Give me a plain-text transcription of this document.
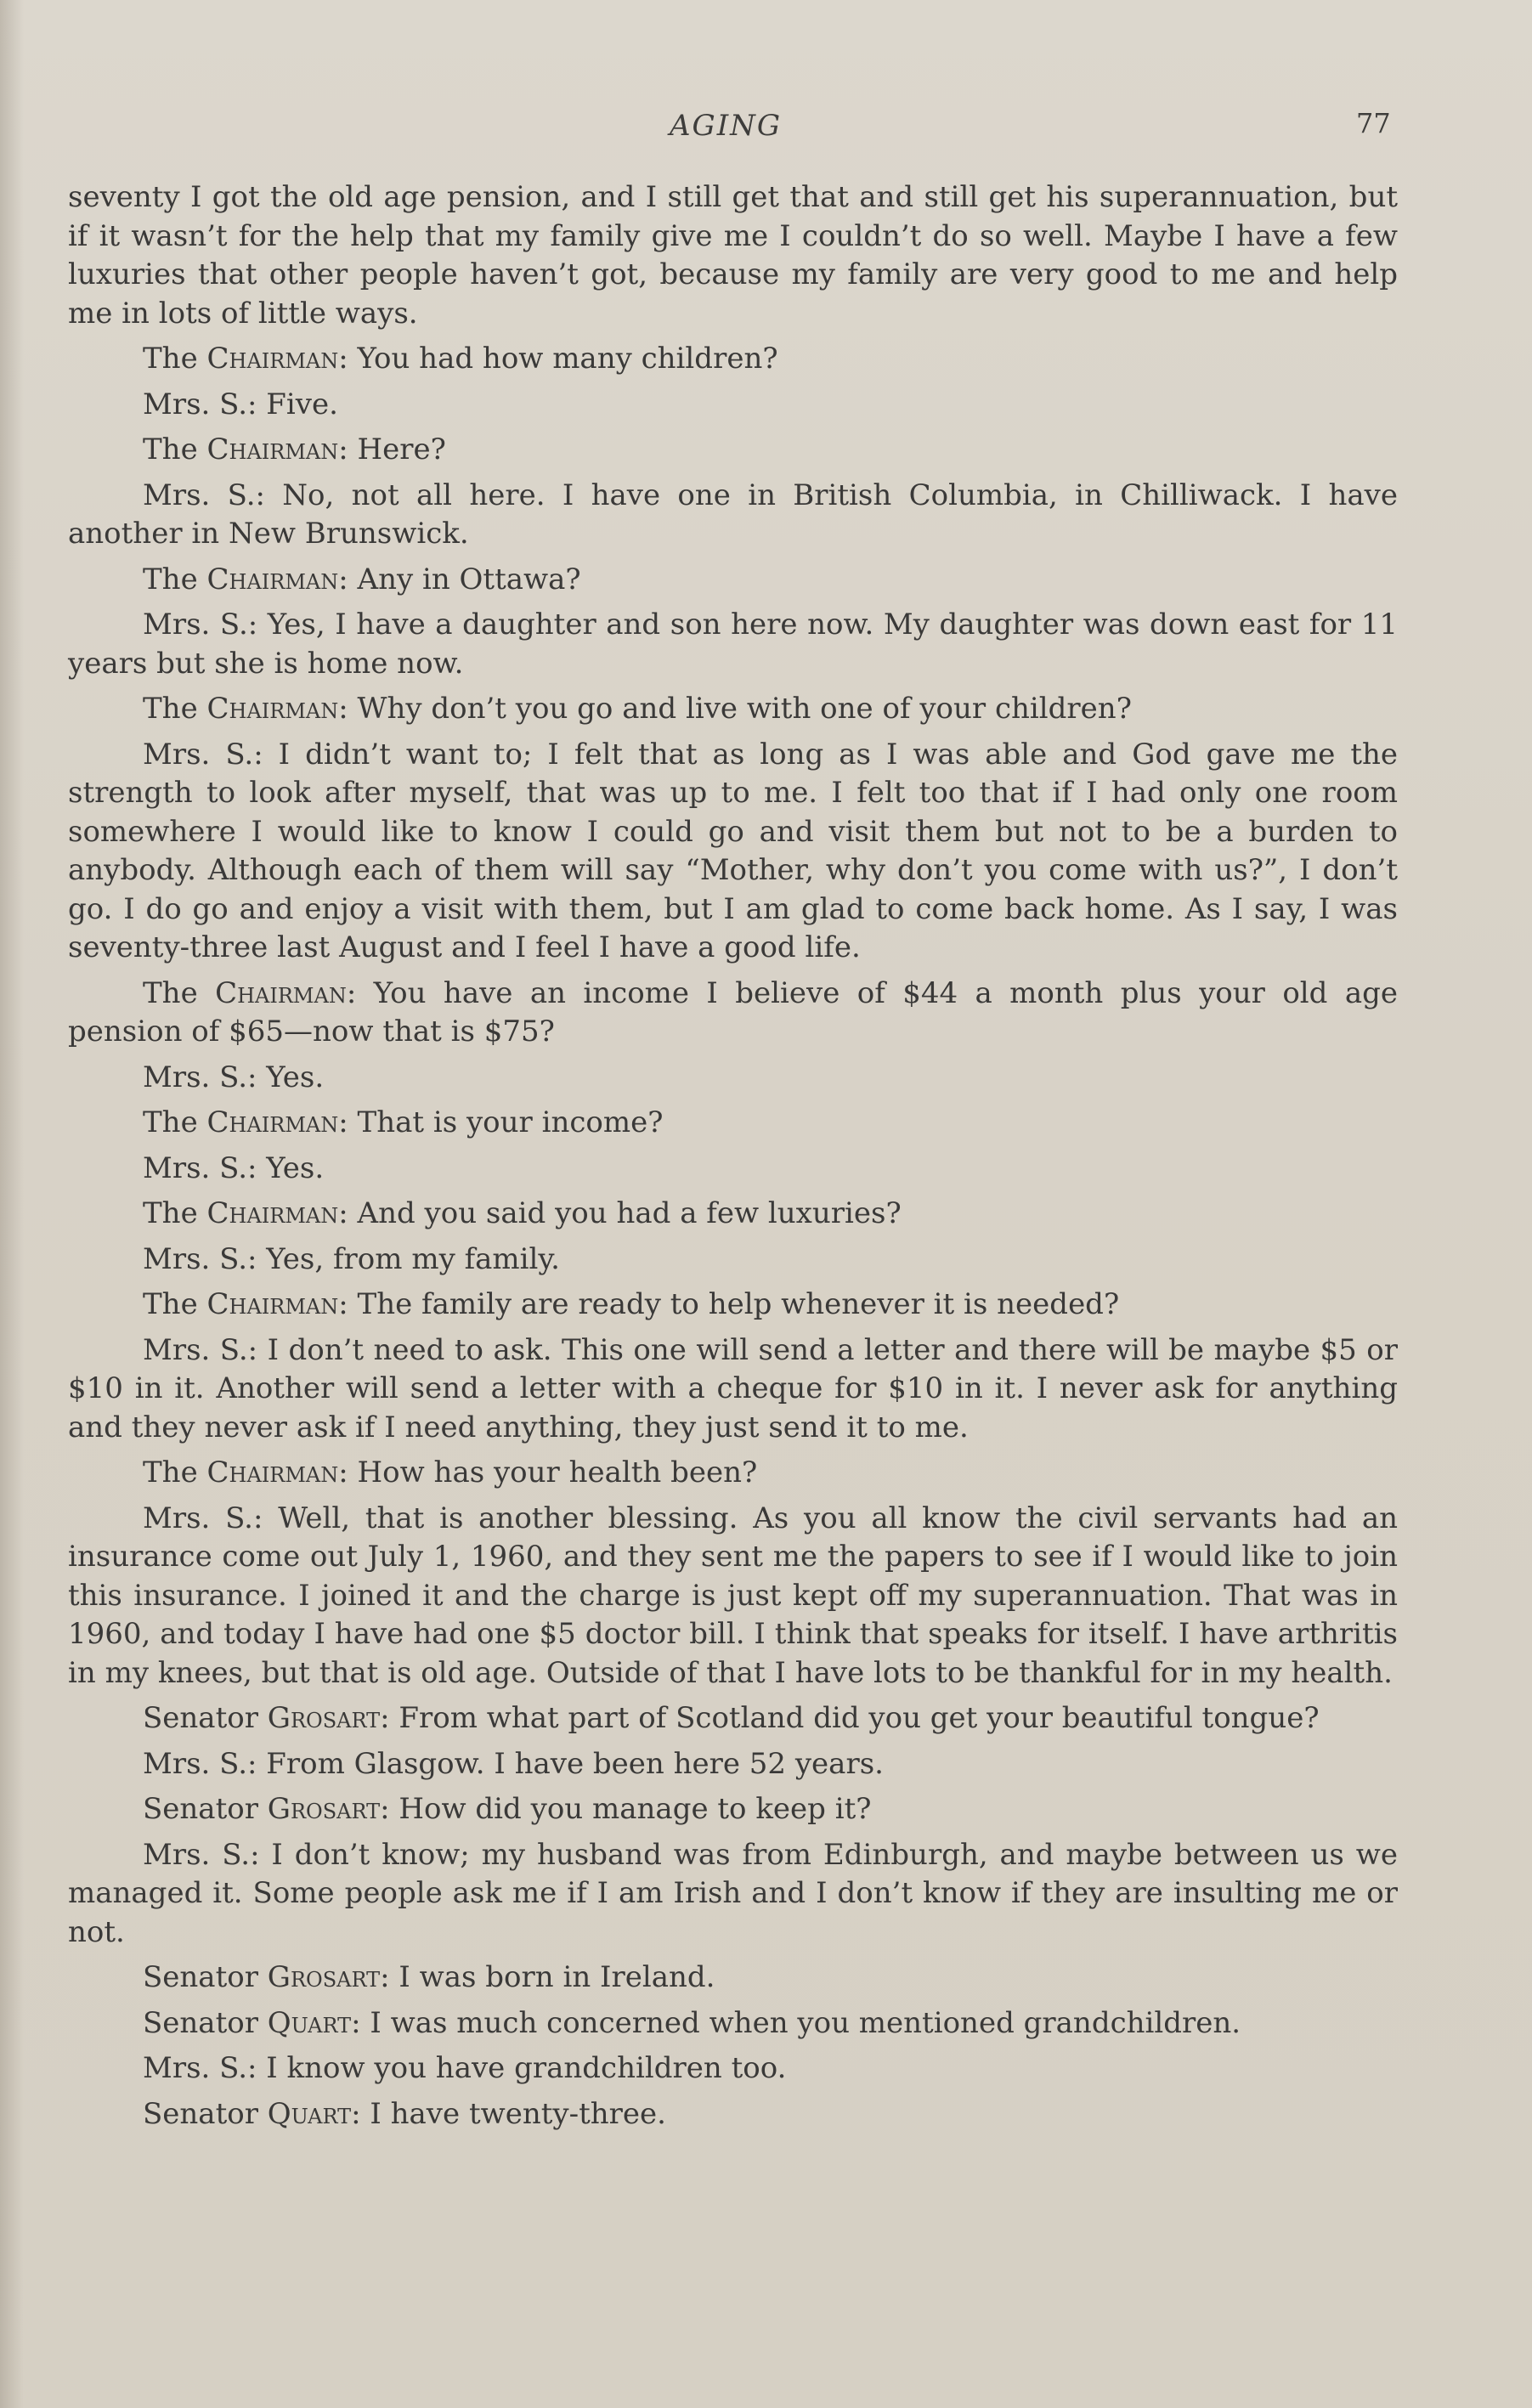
AGING	77

seventy I got the old age pension, and I still get that and still get his superannuation, but if it wasn’t for the help that my family give me I couldn’t do so well. Maybe I have a few luxuries that other people haven’t got, because my family are very good to me and help me in lots of little ways.

The Chairman: You had how many children?

Mrs. S.: Five.

The Chairman: Here?

Mrs. S.: No, not all here. I have one in British Columbia, in Chilliwack. I have another in New Brunswick.

The Chairman: Any in Ottawa?

Mrs. S.: Yes, I have a daughter and son here now. My daughter was down east for 11 years but she is home now.

The Chairman: Why don’t you go and live with one of your children?

Mrs. S.: I didn’t want to; I felt that as long as I was able and God gave me the strength to look after myself, that was up to me. I felt too that if I had only one room somewhere I would like to know I could go and visit them but not to be a burden to anybody. Although each of them will say “Mother, why don’t you come with us?”, I don’t go. I do go and enjoy a visit with them, but I am glad to come back home. As I say, I was seventy-three last August and I feel I have a good life.

The Chairman: You have an income I believe of $44 a month plus your old age pension of $65—now that is $75?

Mrs. S.: Yes.

The Chairman: That is your income?

Mrs. S.: Yes.

The Chairman: And you said you had a few luxuries?

Mrs. S.: Yes, from my family.

The Chairman: The family are ready to help whenever it is needed?

Mrs. S.: I don’t need to ask. This one will send a letter and there will be maybe $5 or $10 in it. Another will send a letter with a cheque for $10 in it. I never ask for anything and they never ask if I need anything, they just send it to me.

The Chairman: How has your health been?

Mrs. S.: Well, that is another blessing. As you all know the civil servants had an insurance come out July 1, 1960, and they sent me the papers to see if I would like to join this insurance. I joined it and the charge is just kept off my superannuation. That was in 1960, and today I have had one $5 doctor bill. I think that speaks for itself. I have arthritis in my knees, but that is old age. Outside of that I have lots to be thankful for in my health.

Senator Grosart: From what part of Scotland did you get your beautiful tongue?

Mrs. S.: From Glasgow. I have been here 52 years.

Senator Grosart: How did you manage to keep it?

Mrs. S.: I don’t know; my husband was from Edinburgh, and maybe between us we managed it. Some people ask me if I am Irish and I don’t know if they are insulting me or not.

Senator Grosart: I was born in Ireland.

Senator Quart: I was much concerned when you mentioned grandchildren.

Mrs. S.: I know you have grandchildren too.

Senator Quart: I have twenty-three.
